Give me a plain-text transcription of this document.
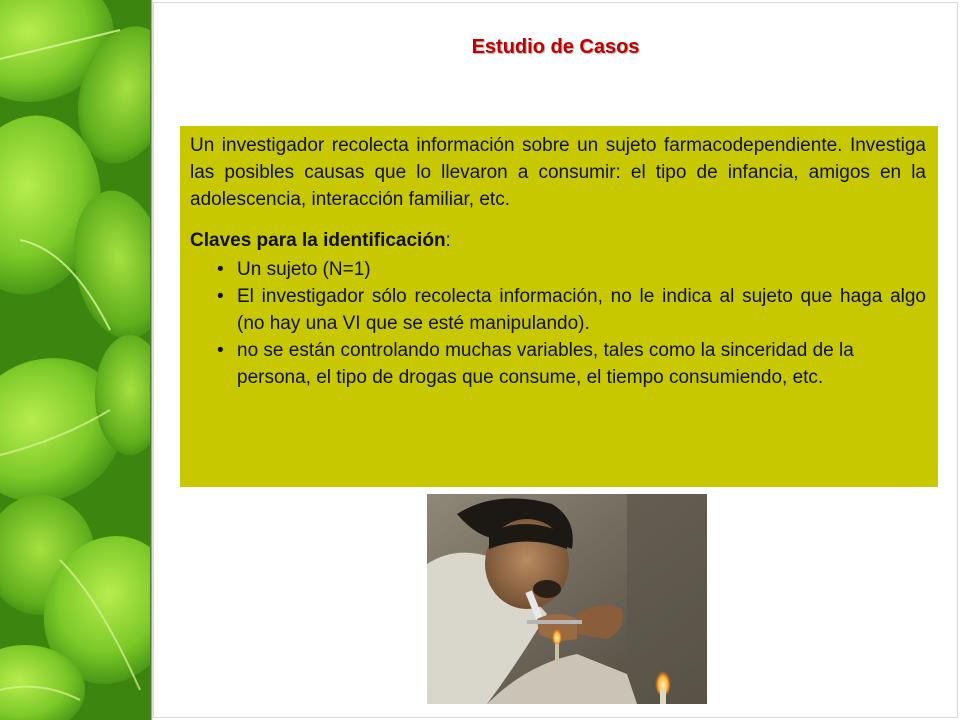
Estudio de Casos

Un investigador recolecta información sobre un sujeto farmacodependiente. Investiga las posibles causas que lo llevaron a consumir: el tipo de infancia, amigos en la adolescencia, interacción familiar, etc.

Claves para la identificación:

• Un sujeto (N=1)
• El investigador sólo recolecta información, no le indica al sujeto que haga algo (no hay una VI que se esté manipulando).
• no se están controlando muchas variables, tales como la sinceridad de la persona, el tipo de drogas que consume, el tiempo consumiendo, etc.
